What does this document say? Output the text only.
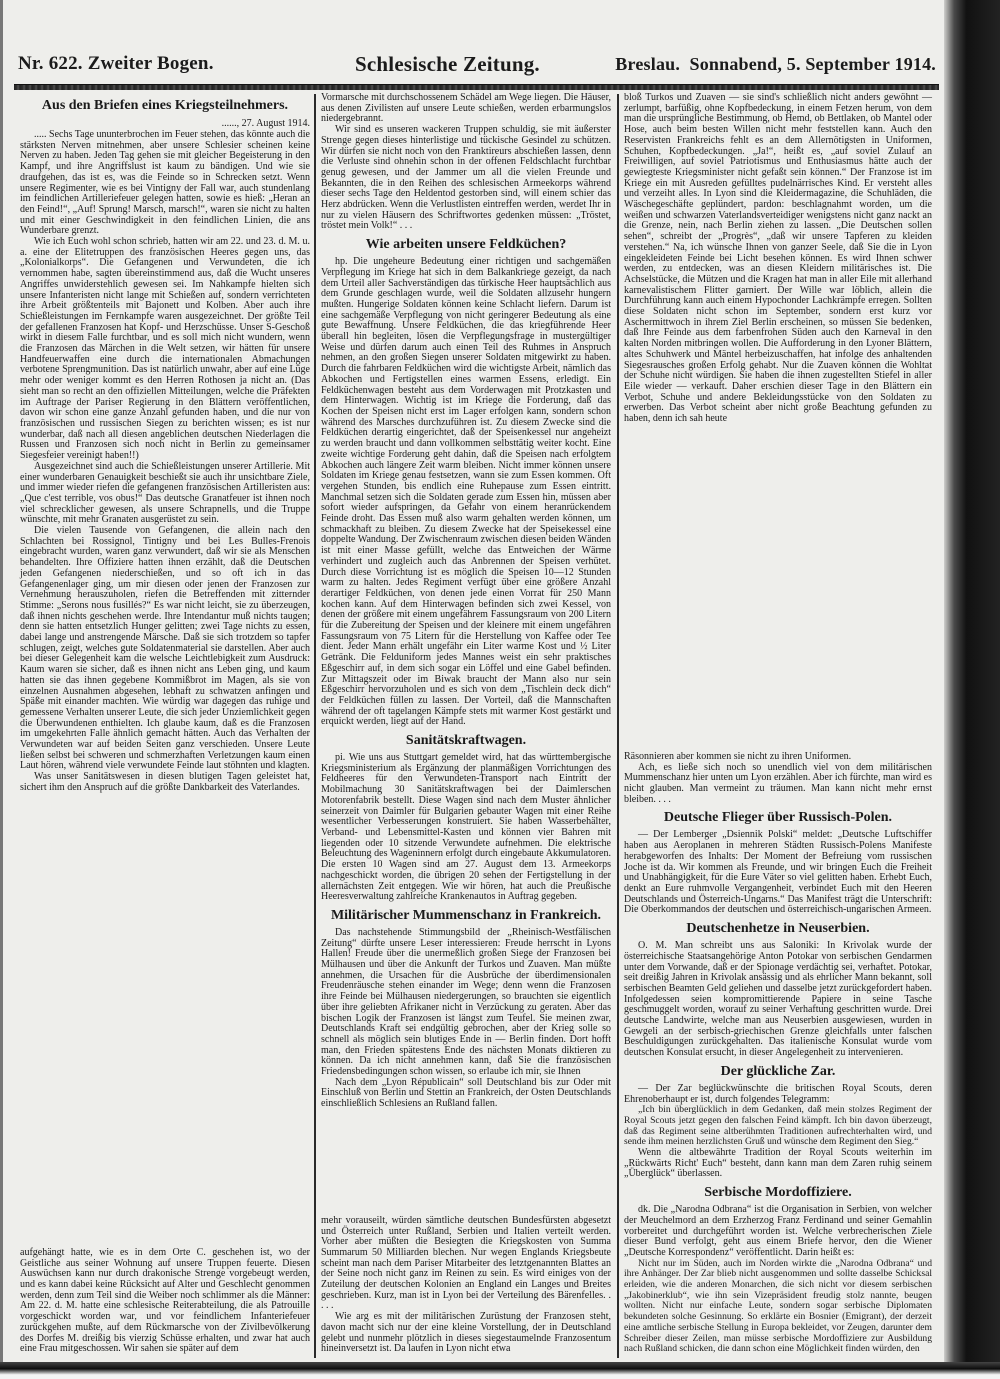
Nr. 622. Zweiter Bogen.	Schlesische Zeitung.	Breslau. Sonnabend, 5. September 1914.
Aus den Briefen eines Kriegsteilnehmers.
......, 27. August 1914.

..... Sechs Tage ununterbrochen im Feuer stehen, das könnte auch die stärksten Nerven mitnehmen, aber unsere Schlesier scheinen keine Nerven zu haben. Jeden Tag gehen sie mit gleicher Begeisterung in den Kampf, und ihre Angriffslust ist kaum zu bändigen. Und wie sie draufgehen, das ist es, was die Feinde so in Schrecken setzt. Wenn unsere Regimenter, wie es bei Vintigny der Fall war, auch stundenlang im feindlichen Artilleriefeuer gelegen hatten, sowie es hieß: „Heran an den Feind!“, „Auf! Sprung! Marsch, marsch!“, waren sie nicht zu halten und mit einer Geschwindigkeit in den feindlichen Linien, die ans Wunderbare grenzt.

Wie ich Euch wohl schon schrieb, hatten wir am 22. und 23. d. M. u. a. eine der Elitetruppen des französischen Heeres gegen uns, das „Kolonialkorps“. Die Gefangenen und Verwundeten, die ich vernommen habe, sagten übereinstimmend aus, daß die Wucht unseres Angriffes unwiderstehlich gewesen sei. Im Nahkampfe hielten sich unsere Infanteristen nicht lange mit Schießen auf, sondern verrichteten ihre Arbeit größtenteils mit Bajonett und Kolben. Aber auch ihre Schießleistungen im Fernkampfe waren ausgezeichnet. Der größte Teil der gefallenen Franzosen hat Kopf- und Herzschüsse. Unser S-Geschoß wirkt in diesem Falle furchtbar, und es soll mich nicht wundern, wenn die Franzosen das Märchen in die Welt setzen, wir hätten für unsere Handfeuerwaffen eine durch die internationalen Abmachungen verbotene Sprengmunition. Das ist natürlich unwahr, aber auf eine Lüge mehr oder weniger kommt es den Herren Rothosen ja nicht an. (Das sieht man so recht an den offiziellen Mitteilungen, welche die Präfekten im Auftrage der Pariser Regierung in den Blättern veröffentlichen, davon wir schon eine ganze Anzahl gefunden haben, und die nur von französischen und russischen Siegen zu berichten wissen; es ist nur wunderbar, daß nach all diesen angeblichen deutschen Niederlagen die Russen und Franzosen sich noch nicht in Berlin zu gemeinsamer Siegesfeier vereinigt haben!!)

Ausgezeichnet sind auch die Schießleistungen unserer Artillerie. Mit einer wunderbaren Genauigkeit beschießt sie auch ihr unsichtbare Ziele, und immer wieder riefen die gefangenen französischen Artilleristen aus: „Que c'est terrible, vos obus!“ Das deutsche Granatfeuer ist ihnen noch viel schrecklicher gewesen, als unsere Schrapnells, und die Truppe wünschte, mit mehr Granaten ausgerüstet zu sein.

Die vielen Tausende von Gefangenen, die allein nach den Schlachten bei Rossignol, Tintigny und bei Les Bulles-Frenois eingebracht wurden, waren ganz verwundert, daß wir sie als Menschen behandelten. Ihre Offiziere hatten ihnen erzählt, daß die Deutschen jeden Gefangenen niederschießen, und so oft ich in das Gefangenenlager ging, um mir diesen oder jenen der Franzosen zur Vernehmung herauszuholen, riefen die Betreffenden mit zitternder Stimme: „Serons nous fusillés?“ Es war nicht leicht, sie zu überzeugen, daß ihnen nichts geschehen werde. Ihre Intendantur muß nichts taugen; denn sie hatten entsetzlich Hunger gelitten; zwei Tage nichts zu essen, dabei lange und anstrengende Märsche. Daß sie sich trotzdem so tapfer schlugen, zeigt, welches gute Soldatenmaterial sie darstellen. Aber auch bei dieser Gelegenheit kam die welsche Leichtlebigkeit zum Ausdruck: Kaum waren sie sicher, daß es ihnen nicht ans Leben ging, und kaum hatten sie das ihnen gegebene Kommißbrot im Magen, als sie von einzelnen Ausnahmen abgesehen, lebhaft zu schwatzen anfingen und Späße mit einander machten. Wie würdig war dagegen das ruhige und gemessene Verhalten unserer Leute, die sich jeder Unziemlichkeit gegen die Überwundenen enthielten. Ich glaube kaum, daß es die Franzosen im umgekehrten Falle ähnlich gemacht hätten. Auch das Verhalten der Verwundeten war auf beiden Seiten ganz verschieden. Unsere Leute ließen selbst bei schweren und schmerzhaften Verletzungen kaum einen Laut hören, während viele verwundete Feinde laut stöhnten und klagten.

Was unser Sanitätswesen in diesen blutigen Tagen geleistet hat, sichert ihm den Anspruch auf die größte Dankbarkeit des Vaterlandes.

aufgehängt hatte, wie es in dem Orte C. geschehen ist, wo der Geistliche aus seiner Wohnung auf unsere Truppen feuerte. Diesen Auswüchsen kann nur durch drakonische Strenge vorgebeugt werden, und es kann dabei keine Rücksicht auf Alter und Geschlecht genommen werden, denn zum Teil sind die Weiber noch schlimmer als die Männer: Am 22. d. M. hatte eine schlesische Reiterabteilung, die als Patrouille vorgeschickt worden war, und vor feindlichem Infanteriefeuer zurückgehen mußte, auf dem Rückmarsche von der Zivilbevölkerung des Dorfes M. dreißig bis vierzig Schüsse erhalten, und zwar hat auch eine Frau mitgeschossen. Wir sahen sie später auf dem

Vormarsche mit durchschossenem Schädel am Wege liegen. Die Häuser, aus denen Zivilisten auf unsere Leute schießen, werden erbarmungslos niedergebrannt.

Wir sind es unseren wackeren Truppen schuldig, sie mit äußerster Strenge gegen dieses hinterlistige und tückische Gesindel zu schützen. Wir dürfen sie nicht noch von den Franktireurs abschießen lassen, denn die Verluste sind ohnehin schon in der offenen Feldschlacht furchtbar genug gewesen, und der Jammer um all die vielen Freunde und Bekannten, die in den Reihen des schlesischen Armeekorps während dieser sechs Tage den Heldentod gestorben sind, will einem schier das Herz abdrücken. Wenn die Verlustlisten eintreffen werden, werdet Ihr in nur zu vielen Häusern des Schriftwortes gedenken müssen: „Tröstet, tröstet mein Volk!“ . . .

Wie arbeiten unsere Feldküchen?

hp. Die ungeheure Bedeutung einer richtigen und sachgemäßen Verpflegung im Kriege hat sich in dem Balkankriege gezeigt, da nach dem Urteil aller Sachverständigen das türkische Heer hauptsächlich aus dem Grunde geschlagen wurde, weil die Soldaten allzusehr hungern mußten. Hungerige Soldaten können keine Schlacht liefern. Darum ist eine sachgemäße Verpflegung von nicht geringerer Bedeutung als eine gute Bewaffnung. Unsere Feldküchen, die das kriegführende Heer überall hin begleiten, lösen die Verpflegungsfrage in mustergültiger Weise und dürfen darum auch einen Teil des Ruhmes in Anspruch nehmen, an den großen Siegen unserer Soldaten mitgewirkt zu haben. Durch die fahrbaren Feldküchen wird die wichtigste Arbeit, nämlich das Abkochen und Fertigstellen eines warmen Essens, erledigt. Ein Feldküchenwagen besteht aus dem Vorderwagen mit Protzkasten und dem Hinterwagen. Wichtig ist im Kriege die Forderung, daß das Kochen der Speisen nicht erst im Lager erfolgen kann, sondern schon während des Marsches durchzuführen ist. Zu diesem Zwecke sind die Feldküchen derartig eingerichtet, daß der Speisenkessel nur angeheizt zu werden braucht und dann vollkommen selbsttätig weiter kocht. Eine zweite wichtige Forderung geht dahin, daß die Speisen nach erfolgtem Abkochen auch längere Zeit warm bleiben. Nicht immer können unsere Soldaten im Kriege genau festsetzen, wann sie zum Essen kommen. Oft vergehen Stunden, bis endlich eine Ruhepause zum Essen eintritt. Manchmal setzen sich die Soldaten gerade zum Essen hin, müssen aber sofort wieder aufspringen, da Gefahr von einem heranrückendem Feinde droht. Das Essen muß also warm gehalten werden können, um schmackhaft zu bleiben. Zu diesem Zwecke hat der Speisekessel eine doppelte Wandung. Der Zwischenraum zwischen diesen beiden Wänden ist mit einer Masse gefüllt, welche das Entweichen der Wärme verhindert und zugleich auch das Anbrennen der Speisen verhütet. Durch diese Vorrichtung ist es möglich die Speisen 10—12 Stunden warm zu halten. Jedes Regiment verfügt über eine größere Anzahl derartiger Feldküchen, von denen jede einen Vorrat für 250 Mann kochen kann. Auf dem Hinterwagen befinden sich zwei Kessel, von denen der größere mit einem ungefährem Fassungsraum von 200 Litern für die Zubereitung der Speisen und der kleinere mit einem ungefähren Fassungsraum von 75 Litern für die Herstellung von Kaffee oder Tee dient. Jeder Mann erhält ungefähr ein Liter warme Kost und ½ Liter Getränk. Die Felduniform jedes Mannes weist ein sehr praktisches Eßgeschirr auf, in dem sich sogar ein Löffel und eine Gabel befinden. Zur Mittagszeit oder im Biwak braucht der Mann also nur sein Eßgeschirr hervorzuholen und es sich von dem „Tischlein deck dich“ der Feldküchen füllen zu lassen. Der Vorteil, daß die Mannschaften während der oft tagelangen Kämpfe stets mit warmer Kost gestärkt und erquickt werden, liegt auf der Hand.

Sanitätskraftwagen.

pi. Wie uns aus Stuttgart gemeldet wird, hat das württembergische Kriegsministerium als Ergänzung der planmäßigen Vorrichtungen des Feldheeres für den Verwundeten-Transport nach Eintritt der Mobilmachung 30 Sanitätskraftwagen bei der Daimlerschen Motorenfabrik bestellt. Diese Wagen sind nach dem Muster ähnlicher seinerzeit von Daimler für Bulgarien gebauter Wagen mit einer Reihe wesentlicher Verbesserungen konstruiert. Sie haben Wasserbehälter, Verband- und Lebensmittel-Kasten und können vier Bahren mit liegenden oder 10 sitzende Verwundete aufnehmen. Die elektrische Beleuchtung des Wageninnern erfolgt durch eingebaute Akkumulatoren. Die ersten 10 Wagen sind am 27. August dem 13. Armeekorps nachgeschickt worden, die übrigen 20 sehen der Fertigstellung in der allernächsten Zeit entgegen. Wie wir hören, hat auch die Preußische Heeresverwaltung zahlreiche Krankenautos in Auftrag gegeben.

Militärischer Mummenschanz in Frankreich.

Das nachstehende Stimmungsbild der „Rheinisch-Westfälischen Zeitung“ dürfte unsere Leser interessieren: Freude herrscht in Lyons Hallen! Freude über die unermeßlich großen Siege der Franzosen bei Mülhausen und über die Ankunft der Turkos und Zuaven. Man müßte annehmen, die Ursachen für die Ausbrüche der überdimensionalen Freudenräusche stehen einander im Wege; denn wenn die Franzosen ihre Feinde bei Mülhausen niedergerungen, so brauchten sie eigentlich über ihre geliebten Afrikaner nicht in Verzückung zu geraten. Aber das bischen Logik der Franzosen ist längst zum Teufel. Sie meinen zwar, Deutschlands Kraft sei endgültig gebrochen, aber der Krieg solle so schnell als möglich sein blutiges Ende in — Berlin finden. Dort hofft man, den Frieden spätestens Ende des nächsten Monats diktieren zu können. Da ich nicht annehmen kann, daß Sie die französischen Friedensbedingungen schon wissen, so erlaube ich mir, sie Ihnen

Nach dem „Lyon Républicain“ soll Deutschland bis zur Oder mit Einschluß von Berlin und Stettin an Frankreich, der Osten Deutschlands einschließlich Schlesiens an Rußland fallen.

mehr vorauseilt, würden sämtliche deutschen Bundesfürsten abgesetzt und Österreich unter Rußland, Serbien und Italien verteilt werden. Vorher aber müßten die Besiegten die Kriegskosten von Summa Summarum 50 Milliarden blechen. Nur wegen Englands Kriegsbeute scheint man nach dem Pariser Mitarbeiter des letztgenannten Blattes an der Seine noch nicht ganz im Reinen zu sein. Es wird einiges von der Zuteilung der deutschen Kolonien an England ein Langes und Breites geschrieben. Kurz, man ist in Lyon bei der Verteilung des Bärenfelles. . . . .

Wie arg es mit der militärischen Zurüstung der Franzosen steht, davon macht sich nur der eine kleine Vorstellung, der in Deutschland gelebt und nunmehr plötzlich in dieses siegestaumelnde Franzosentum hineinversetzt ist. Da laufen in Lyon nicht etwa

bloß Turkos und Zuaven — sie sind's schließlich nicht anders gewöhnt — zerlumpt, barfüßig, ohne Kopfbedeckung, in einem Fetzen herum, von dem man die ursprüngliche Bestimmung, ob Hemd, ob Bettlaken, ob Mantel oder Hose, auch beim besten Willen nicht mehr feststellen kann. Auch den Reservisten Frankreichs fehlt es an dem Allernötigsten in Uniformen, Schuhen, Kopfbedeckungen. „Ja!“, heißt es, „auf soviel Zulauf an Freiwilligen, auf soviel Patriotismus und Enthusiasmus hätte auch der gewiegteste Kriegsminister nicht gefaßt sein können.“ Der Franzose ist im Kriege ein mit Ausreden gefülltes pudelnärrisches Kind. Er versteht alles und verzeiht alles. In Lyon sind die Kleidermagazine, die Schuhläden, die Wäschegeschäfte geplündert, pardon: beschlagnahmt worden, um die weißen und schwarzen Vaterlandsverteidiger wenigstens nicht ganz nackt an die Grenze, nein, nach Berlin ziehen zu lassen. „Die Deutschen sollen sehen“, schreibt der „Progrès“, „daß wir unsere Tapferen zu kleiden verstehen.“ Na, ich wünsche Ihnen von ganzer Seele, daß Sie die in Lyon eingekleideten Feinde bei Licht besehen können. Es wird Ihnen schwer werden, zu entdecken, was an diesen Kleidern militärisches ist. Die Achselstücke, die Mützen und die Kragen hat man in aller Eile mit allerhand karnevalistischem Flitter garniert. Der Wille war löblich, allein die Durchführung kann auch einem Hypochonder Lachkrämpfe erregen. Sollten diese Soldaten nicht schon im September, sondern erst kurz vor Aschermittwoch in ihrem Ziel Berlin erscheinen, so müssen Sie bedenken, daß Ihre Feinde aus dem farbenfrohen Süden auch den Karneval in den kalten Norden mitbringen wollen. Die Aufforderung in den Lyoner Blättern, altes Schuhwerk und Mäntel herbeizuschaffen, hat infolge des anhaltenden Siegesrausches großen Erfolg gehabt. Nur die Zuaven können die Wohltat der Schuhe nicht würdigen. Sie haben die ihnen zugestellten Stiefel in aller Eile wieder — verkauft. Daher erschien dieser Tage in den Blättern ein Verbot, Schuhe und andere Bekleidungsstücke von den Soldaten zu erwerben. Das Verbot scheint aber nicht große Beachtung gefunden zu haben, denn ich sah heute

Räsonnieren aber kommen sie nicht zu ihren Uniformen.

Ach, es ließe sich noch so unendlich viel von dem militärischen Mummenschanz hier unten um Lyon erzählen. Aber ich fürchte, man wird es nicht glauben. Man vermeint zu träumen. Man kann nicht mehr ernst bleiben. . . .

Deutsche Flieger über Russisch-Polen.

— Der Lemberger „Dsiennik Polski“ meldet: „Deutsche Luftschiffer haben aus Aeroplanen in mehreren Städten Russisch-Polens Manifeste herabgeworfen des Inhalts: Der Moment der Befreiung vom russischen Joche ist da. Wir kommen als Freunde, und wir bringen Euch die Freiheit und Unabhängigkeit, für die Eure Väter so viel gelitten haben. Erhebt Euch, denkt an Eure ruhmvolle Vergangenheit, verbindet Euch mit den Heeren Deutschlands und Österreich-Ungarns.“ Das Manifest trägt die Unterschrift: Die Oberkommandos der deutschen und österreichisch-ungarischen Armeen.

Deutschenhetze in Neuserbien.

O. M. Man schreibt uns aus Saloniki: In Krivolak wurde der österreichische Staatsangehörige Anton Potokar von serbischen Gendarmen unter dem Vorwande, daß er der Spionage verdächtig sei, verhaftet. Potokar, seit dreißig Jahren in Krivolak ansässig und als ehrlicher Mann bekannt, soll serbischen Beamten Geld geliehen und dasselbe jetzt zurückgefordert haben. Infolgedessen seien kompromittierende Papiere in seine Tasche geschmuggelt worden, worauf zu seiner Verhaftung geschritten wurde. Drei deutsche Landwirte, welche man aus Neuserbien ausgewiesen, wurden in Gewgeli an der serbisch-griechischen Grenze gleichfalls unter falschen Beschuldigungen zurückgehalten. Das italienische Konsulat wurde vom deutschen Konsulat ersucht, in dieser Angelegenheit zu intervenieren.

Der glückliche Zar.

— Der Zar beglückwünschte die britischen Royal Scouts, deren Ehrenoberhaupt er ist, durch folgendes Telegramm:

„Ich bin überglücklich in dem Gedanken, daß mein stolzes Regiment der Royal Scouts jetzt gegen den falschen Feind kämpft. Ich bin davon überzeugt, daß das Regiment seine altberühmten Traditionen aufrechterhalten wird, und sende ihm meinen herzlichsten Gruß und wünsche dem Regiment den Sieg.“

Wenn die altbewährte Tradition der Royal Scouts weiterhin im „Rückwärts Richt' Euch“ besteht, dann kann man dem Zaren ruhig seinem „Überglück“ überlassen.

Serbische Mordoffiziere.

dk. Die „Narodna Odbrana“ ist die Organisation in Serbien, von welcher der Meuchelmord an dem Erzherzog Franz Ferdinand und seiner Gemahlin vorbereitet und durchgeführt worden ist. Welche verbrecherischen Ziele dieser Bund verfolgt, geht aus einem Briefe hervor, den die Wiener „Deutsche Korrespondenz“ veröffentlicht. Darin heißt es:

Nicht nur im Süden, auch im Norden wirkte die „Narodna Odbrana“ und ihre Anhänger. Der Zar blieb nicht ausgenommen und sollte dasselbe Schicksal erleiden, wie die anderen Monarchen, die sich nicht vor diesem serbischen „Jakobinerklub“, wie ihn sein Vizepräsident freudig stolz nannte, beugen wollten. Nicht nur einfache Leute, sondern sogar serbische Diplomaten bekundeten solche Gesinnung. So erklärte ein Bosnier (Emigrant), der derzeit eine amtliche serbische Stellung in Europa bekleidet, vor Zeugen, darunter dem Schreiber dieser Zeilen, man müsse serbische Mordoffiziere zur Ausbildung nach Rußland schicken, die dann schon eine Möglichkeit finden würden, den
